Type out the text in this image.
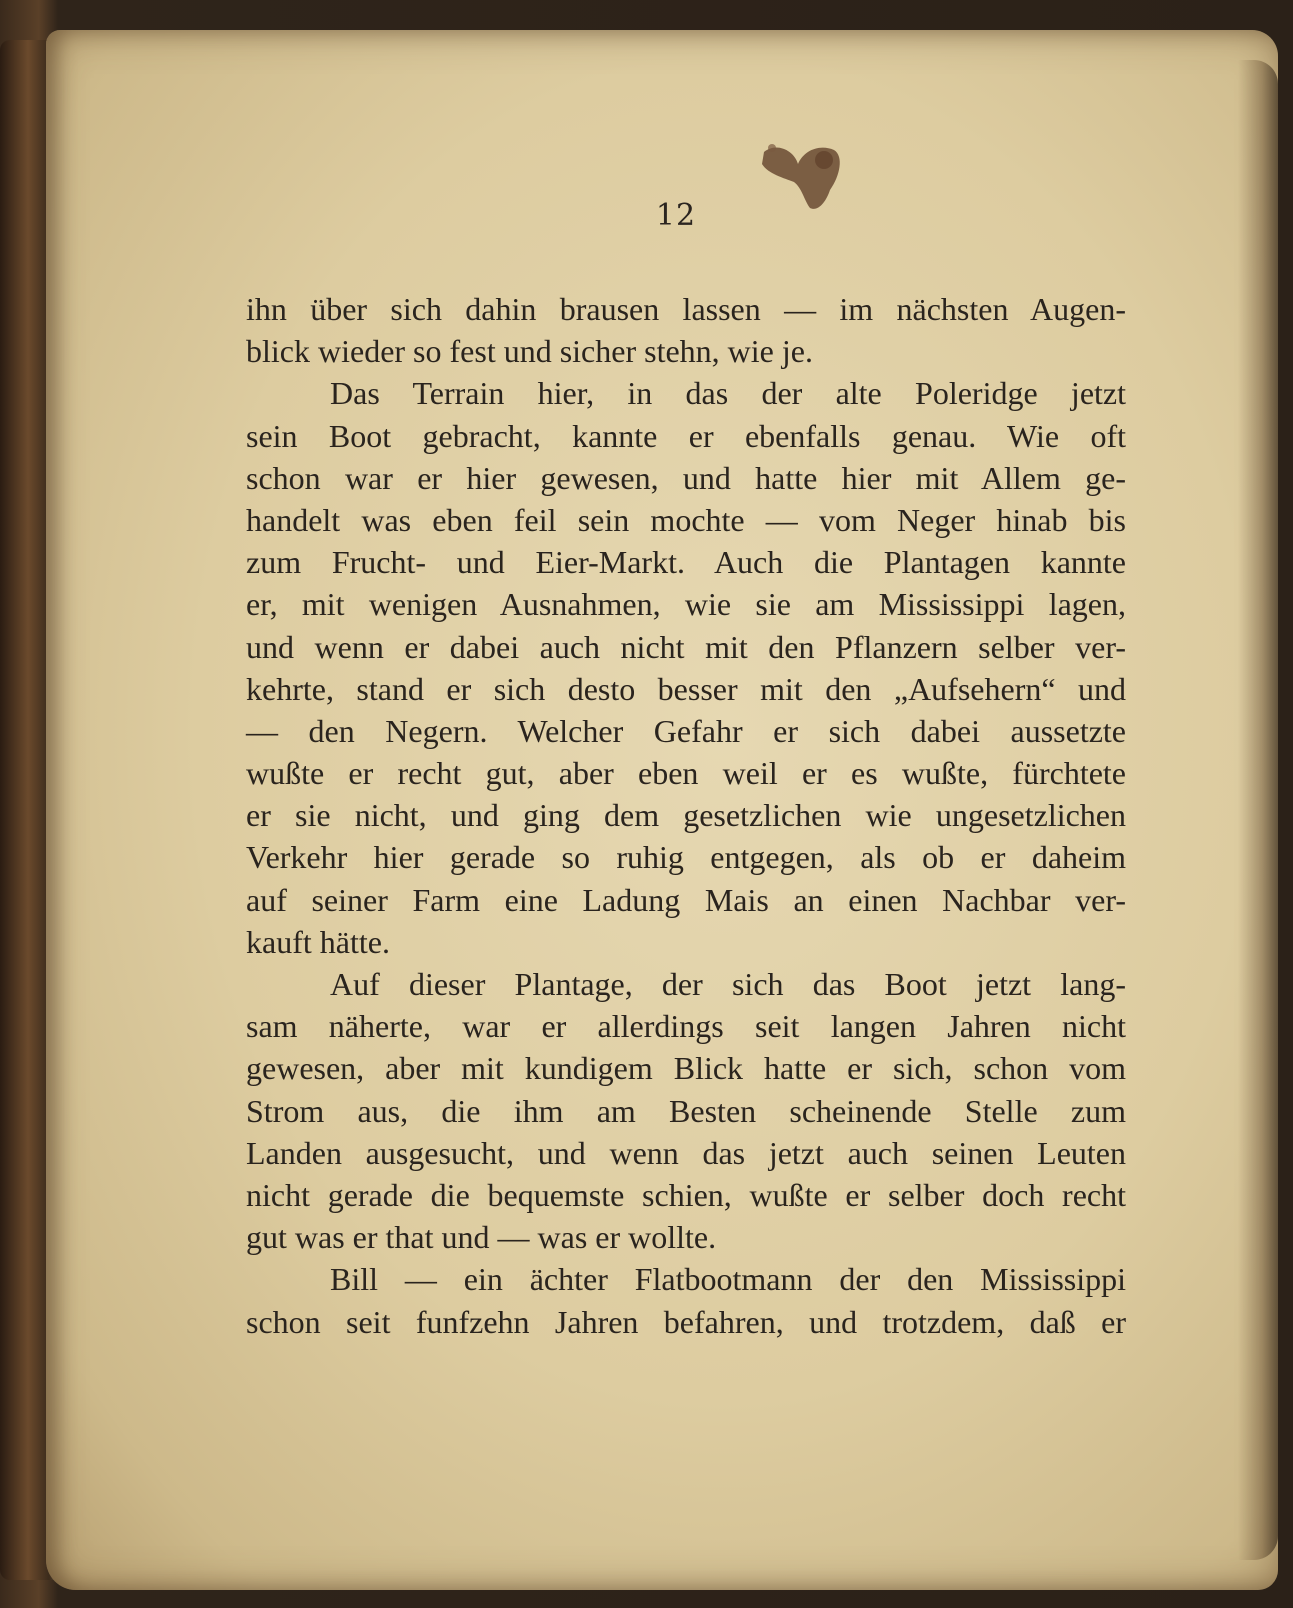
12
ihn über sich dahin brausen lassen — im nächsten Augen-
blick wieder so fest und sicher stehn, wie je.
Das Terrain hier, in das der alte Poleridge jetzt
sein Boot gebracht, kannte er ebenfalls genau. Wie oft
schon war er hier gewesen, und hatte hier mit Allem ge-
handelt was eben feil sein mochte — vom Neger hinab bis
zum Frucht- und Eier-Markt. Auch die Plantagen kannte
er, mit wenigen Ausnahmen, wie sie am Mississippi lagen,
und wenn er dabei auch nicht mit den Pflanzern selber ver-
kehrte, stand er sich desto besser mit den „Aufsehern“ und
— den Negern. Welcher Gefahr er sich dabei aussetzte
wußte er recht gut, aber eben weil er es wußte, fürchtete
er sie nicht, und ging dem gesetzlichen wie ungesetzlichen
Verkehr hier gerade so ruhig entgegen, als ob er daheim
auf seiner Farm eine Ladung Mais an einen Nachbar ver-
kauft hätte.
Auf dieser Plantage, der sich das Boot jetzt lang-
sam näherte, war er allerdings seit langen Jahren nicht
gewesen, aber mit kundigem Blick hatte er sich, schon vom
Strom aus, die ihm am Besten scheinende Stelle zum
Landen ausgesucht, und wenn das jetzt auch seinen Leuten
nicht gerade die bequemste schien, wußte er selber doch recht
gut was er that und — was er wollte.
Bill — ein ächter Flatbootmann der den Mississippi
schon seit funfzehn Jahren befahren, und trotzdem, daß er
